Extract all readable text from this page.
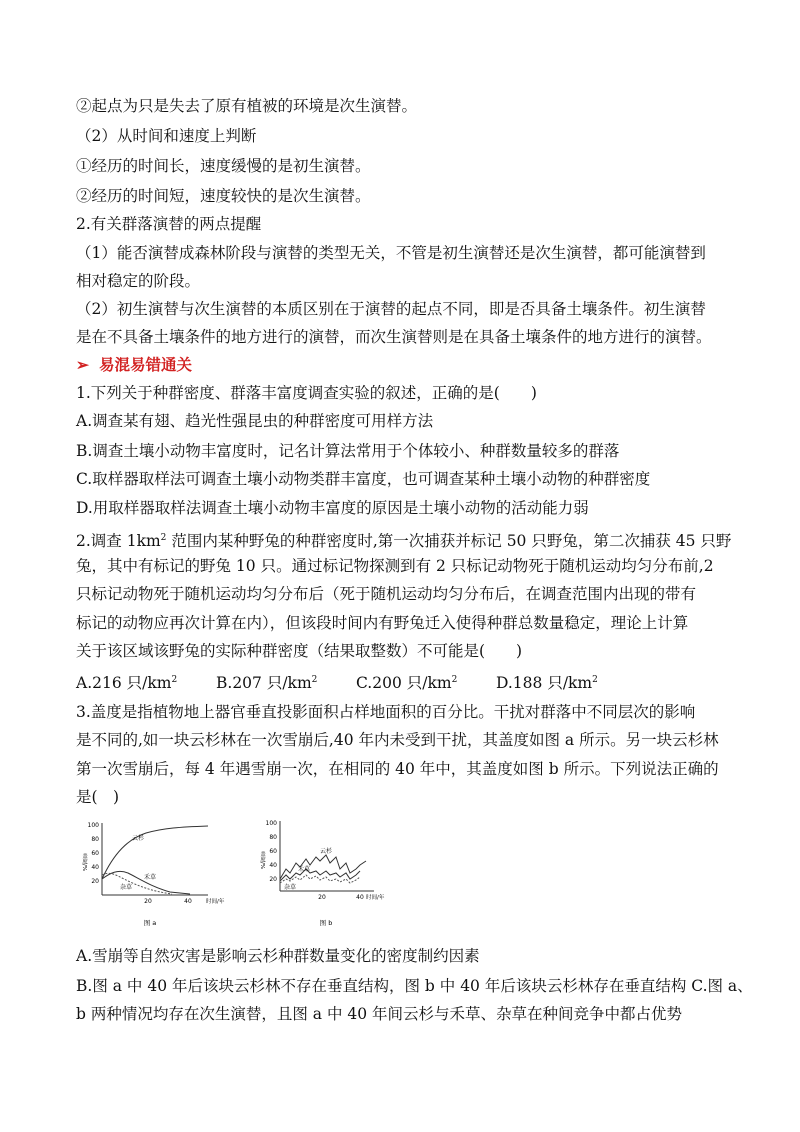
②起点为只是失去了原有植被的环境是次生演替。
（2）从时间和速度上判断
①经历的时间长，速度缓慢的是初生演替。
②经历的时间短，速度较快的是次生演替。
2.有关群落演替的两点提醒
（1）能否演替成森林阶段与演替的类型无关，不管是初生演替还是次生演替，都可能演替到
相对稳定的阶段。
（2）初生演替与次生演替的本质区别在于演替的起点不同，即是否具备土壤条件。初生演替
是在不具备土壤条件的地方进行的演替，而次生演替则是在具备土壤条件的地方进行的演替。
➢ 易混易错通关
1.下列关于种群密度、群落丰富度调查实验的叙述，正确的是(　　)
A.调查某有翅、趋光性强昆虫的种群密度可用样方法
B.调查土壤小动物丰富度时，记名计算法常用于个体较小、种群数量较多的群落
C.取样器取样法可调查土壤小动物类群丰富度，也可调查某种土壤小动物的种群密度
D.用取样器取样法调查土壤小动物丰富度的原因是土壤小动物的活动能力弱
2.调查 $1km^2$ 范围内某种野兔的种群密度时,第一次捕获并标记 50 只野兔，第二次捕获 45 只野
兔，其中有标记的野兔 10 只。通过标记物探测到有 2 只标记动物死于随机运动均匀分布前,2
只标记动物死于随机运动均匀分布后（死于随机运动均匀分布后，在调查范围内出现的带有
标记的动物应再次计算在内），但该段时间内有野兔迁入使得种群总数量稳定，理论上计算
关于该区域该野兔的实际种群密度（结果取整数）不可能是(　　)
A.216 只$/km^2$	B.207 只$/km^2$ C.200 只$/km^2$ D.188 只$/km^2$
3.盖度是指植物地上器官垂直投影面积占样地面积的百分比。干扰对群落中不同层次的影响
是不同的,如一块云杉林在一次雪崩后,40 年内未受到干扰，其盖度如图 a 所示。另一块云杉林
第一次雪崩后，每 4 年遇雪崩一次，在相同的 40 年中，其盖度如图 b 所示。下列说法正确的
是(　)
100
80
60
40
20
盖度/%
20	40	时间/年
云杉
禾草
杂草
图 a
100
80
60
40
20
盖度/%
20	40 时间/年
云杉
禾草
杂草
图 b
A.雪崩等自然灾害是影响云杉种群数量变化的密度制约因素
B.图 a 中 40 年后该块云杉林不存在垂直结构，图 b 中 40 年后该块云杉林存在垂直结构 C.图 a、
b 两种情况均存在次生演替，且图 a 中 40 年间云杉与禾草、杂草在种间竞争中都占优势
